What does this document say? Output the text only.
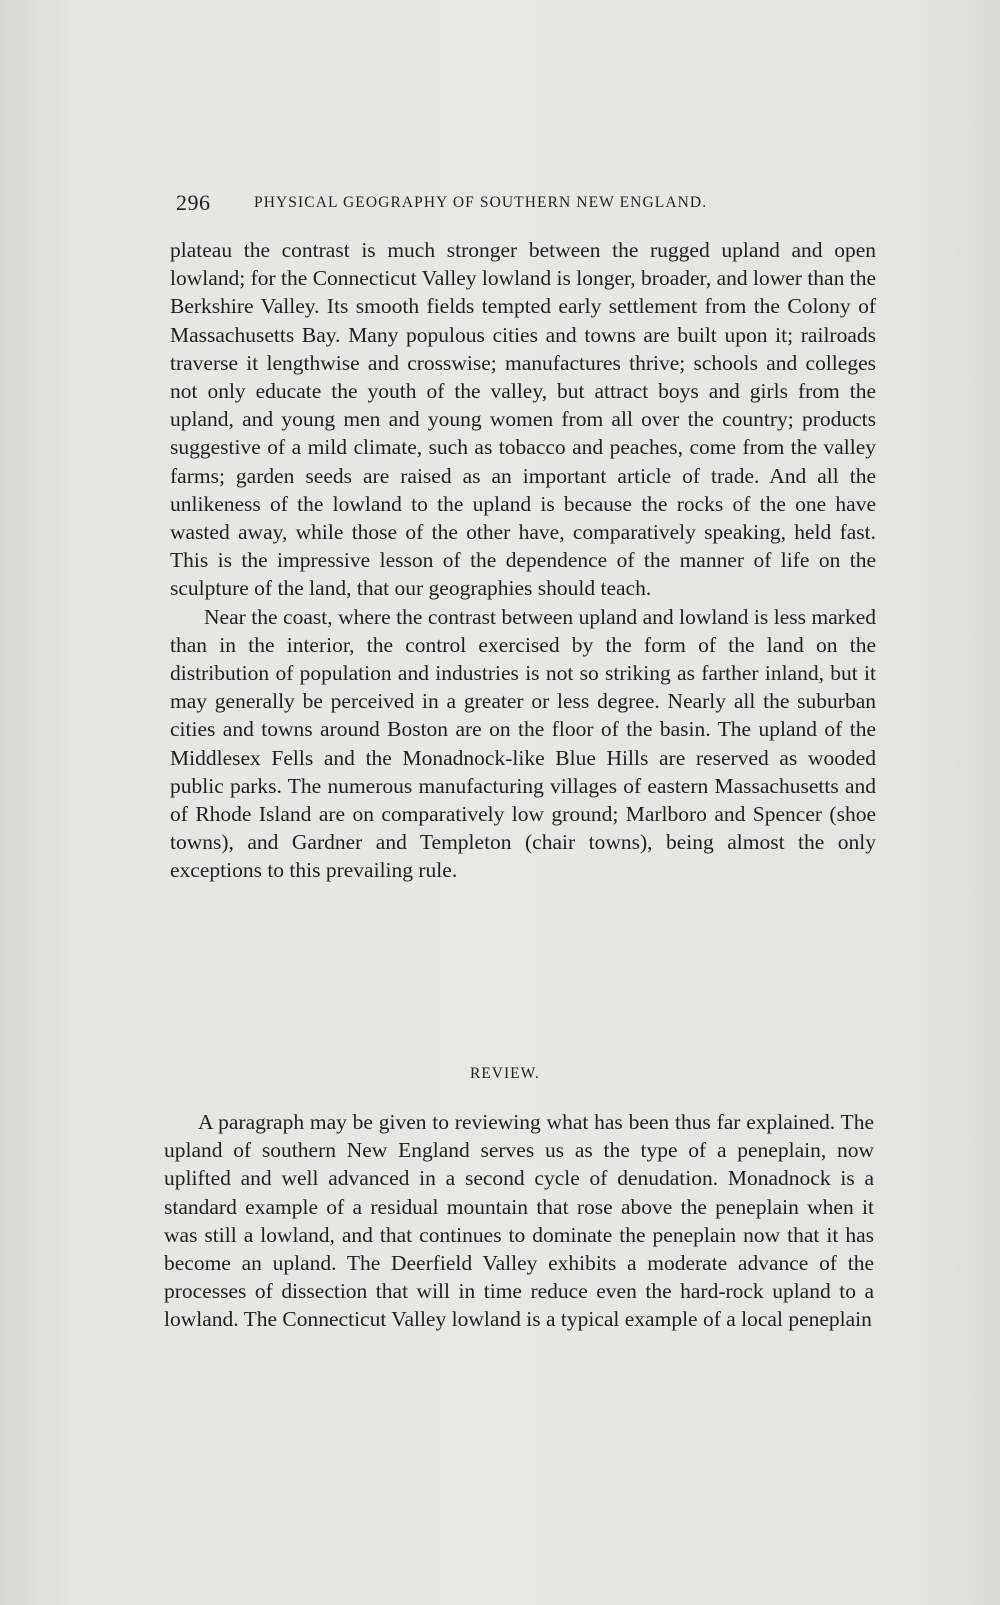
296	PHYSICAL GEOGRAPHY OF SOUTHERN NEW ENGLAND.

plateau the contrast is much stronger between the rugged upland and open lowland; for the Connecticut Valley lowland is longer, broader, and lower than the Berkshire Valley. Its smooth fields tempted early settlement from the Colony of Massachusetts Bay. Many populous cities and towns are built upon it; railroads traverse it lengthwise and crosswise; manufactures thrive; schools and colleges not only educate the youth of the valley, but attract boys and girls from the upland, and young men and young women from all over the country; products suggestive of a mild climate, such as tobacco and peaches, come from the valley farms; garden seeds are raised as an important article of trade. And all the unlikeness of the lowland to the upland is because the rocks of the one have wasted away, while those of the other have, comparatively speaking, held fast. This is the impressive lesson of the dependence of the manner of life on the sculpture of the land, that our geographies should teach.

Near the coast, where the contrast between upland and lowland is less marked than in the interior, the control exercised by the form of the land on the distribution of population and industries is not so striking as farther inland, but it may generally be perceived in a greater or less degree. Nearly all the suburban cities and towns around Boston are on the floor of the basin. The upland of the Middlesex Fells and the Monadnock-like Blue Hills are reserved as wooded public parks. The numerous manufacturing villages of eastern Massachusetts and of Rhode Island are on comparatively low ground; Marlboro and Spencer (shoe towns), and Gardner and Templeton (chair towns), being almost the only exceptions to this prevailing rule.

REVIEW.

A paragraph may be given to reviewing what has been thus far explained. The upland of southern New England serves us as the type of a peneplain, now uplifted and well advanced in a second cycle of denudation. Monadnock is a standard example of a residual mountain that rose above the peneplain when it was still a lowland, and that continues to dominate the peneplain now that it has become an upland. The Deerfield Valley exhibits a moderate advance of the processes of dissection that will in time reduce even the hard-rock upland to a lowland. The Connecticut Valley lowland is a typical example of a local peneplain
